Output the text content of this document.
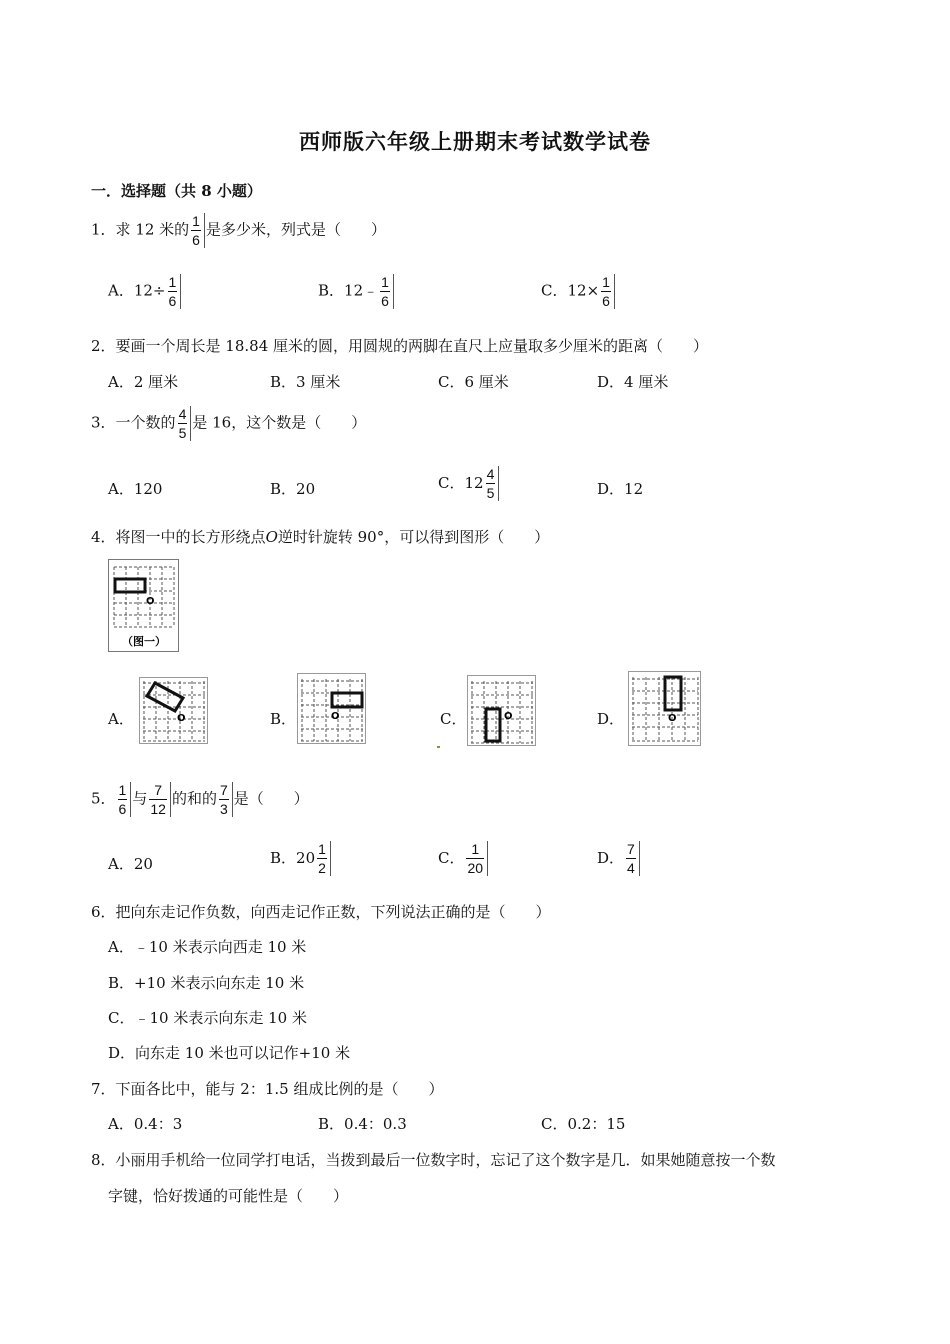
西师版六年级上册期末考试数学试卷
一．选择题（共 8 小题）
1．求 12 米的 $\frac{1}{6}$ 是多少米，列式是（　　）
A．$12\div \frac{1}{6}$	B．12﹣ $\frac{1}{6}$	C．$12\times \frac{1}{6}$
2．要画一个周长是 18.84 厘米的圆，用圆规的两脚在直尺上应量取多少厘米的距离（　　）
A．2 厘米	B．3 厘米	C．6 厘米	D．4 厘米
3．一个数的 $\frac{4}{5}$ 是 16，这个数是（　　）
A．120	B．20	C．$12 \frac{4}{5}$	D．12
4．将图一中的长方形绕点O逆时针旋转 90°，可以得到图形（　　）
O
（图一）
A．	O	B．	O	C．	O	D．	O
5． $\frac{1}{6}$ 与 $\frac{7}{12}$ 的和的 $\frac{7}{3}$ 是（　　）
A．20	B．$20 \frac{1}{2}$	C． $\frac{1}{20}$	D． $\frac{7}{4}$
6．把向东走记作负数，向西走记作正数，下列说法正确的是（　　）
A．﹣10 米表示向西走 10 米
B．+10 米表示向东走 10 米
C．﹣10 米表示向东走 10 米
D．向东走 10 米也可以记作+10 米
7．下面各比中，能与 2：1.5 组成比例的是（　　）
A．0.4：3	B．0.4：0.3	C．0.2：15
8．小丽用手机给一位同学打电话，当拨到最后一位数字时，忘记了这个数字是几．如果她随意按一个数
字键，恰好拨通的可能性是（　　）
